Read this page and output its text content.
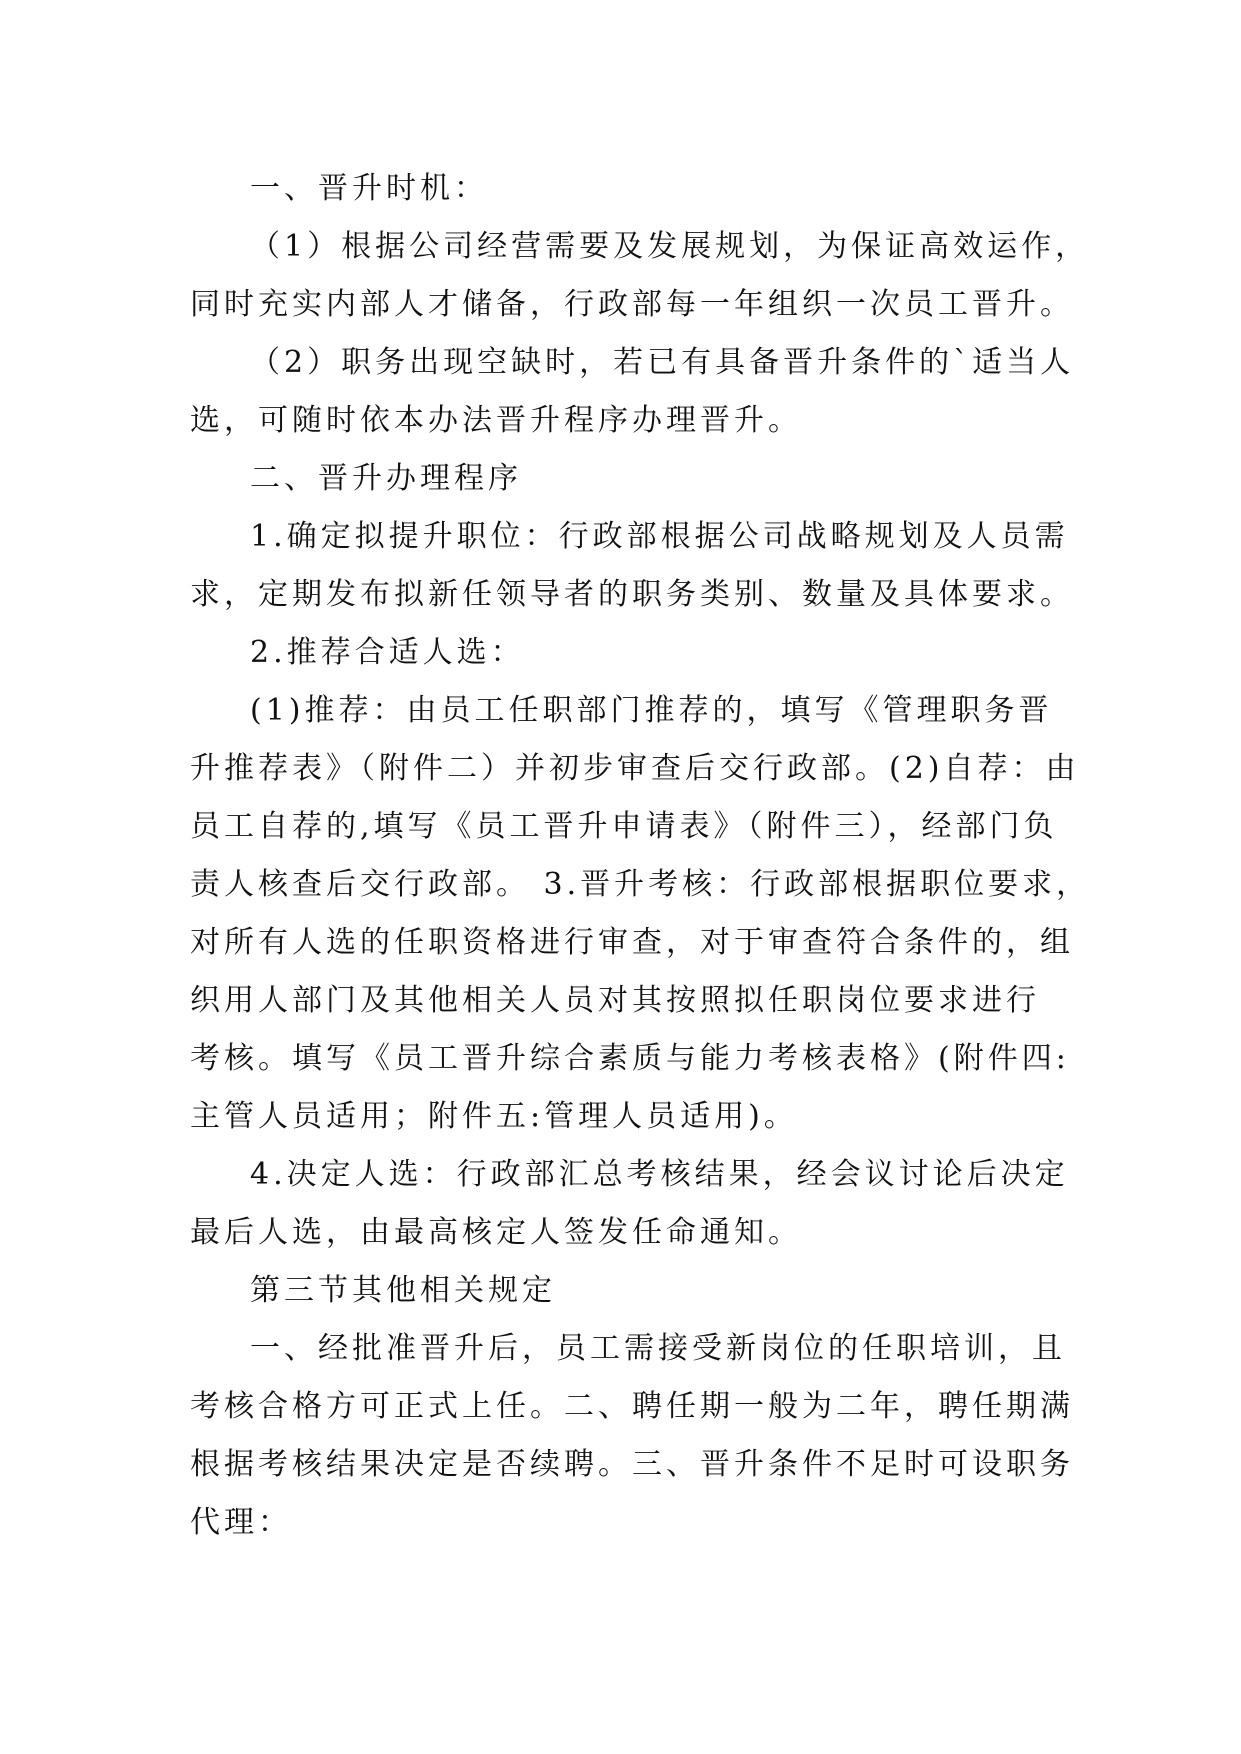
一、晋升时机：
（1）根据公司经营需要及发展规划，为保证高效运作，
同时充实内部人才储备，行政部每一年组织一次员工晋升。
（2）职务出现空缺时，若已有具备晋升条件的`适当人
选，可随时依本办法晋升程序办理晋升。
二、晋升办理程序
1.确定拟提升职位：行政部根据公司战略规划及人员需
求，定期发布拟新任领导者的职务类别、数量及具体要求。
2.推荐合适人选：
(1)推荐：由员工任职部门推荐的，填写《管理职务晋
升推荐表》（附件二）并初步审查后交行政部。(2)自荐：由
员工自荐的,填写《员工晋升申请表》（附件三），经部门负
责人核查后交行政部。 3.晋升考核：行政部根据职位要求，
对所有人选的任职资格进行审查，对于审查符合条件的，组
织用人部门及其他相关人员对其按照拟任职岗位要求进行
考核。填写《员工晋升综合素质与能力考核表格》(附件四:
主管人员适用；附件五:管理人员适用)。
4.决定人选：行政部汇总考核结果，经会议讨论后决定
最后人选，由最高核定人签发任命通知。
第三节其他相关规定
一、经批准晋升后，员工需接受新岗位的任职培训，且
考核合格方可正式上任。二、聘任期一般为二年，聘任期满
根据考核结果决定是否续聘。三、晋升条件不足时可设职务
代理：
